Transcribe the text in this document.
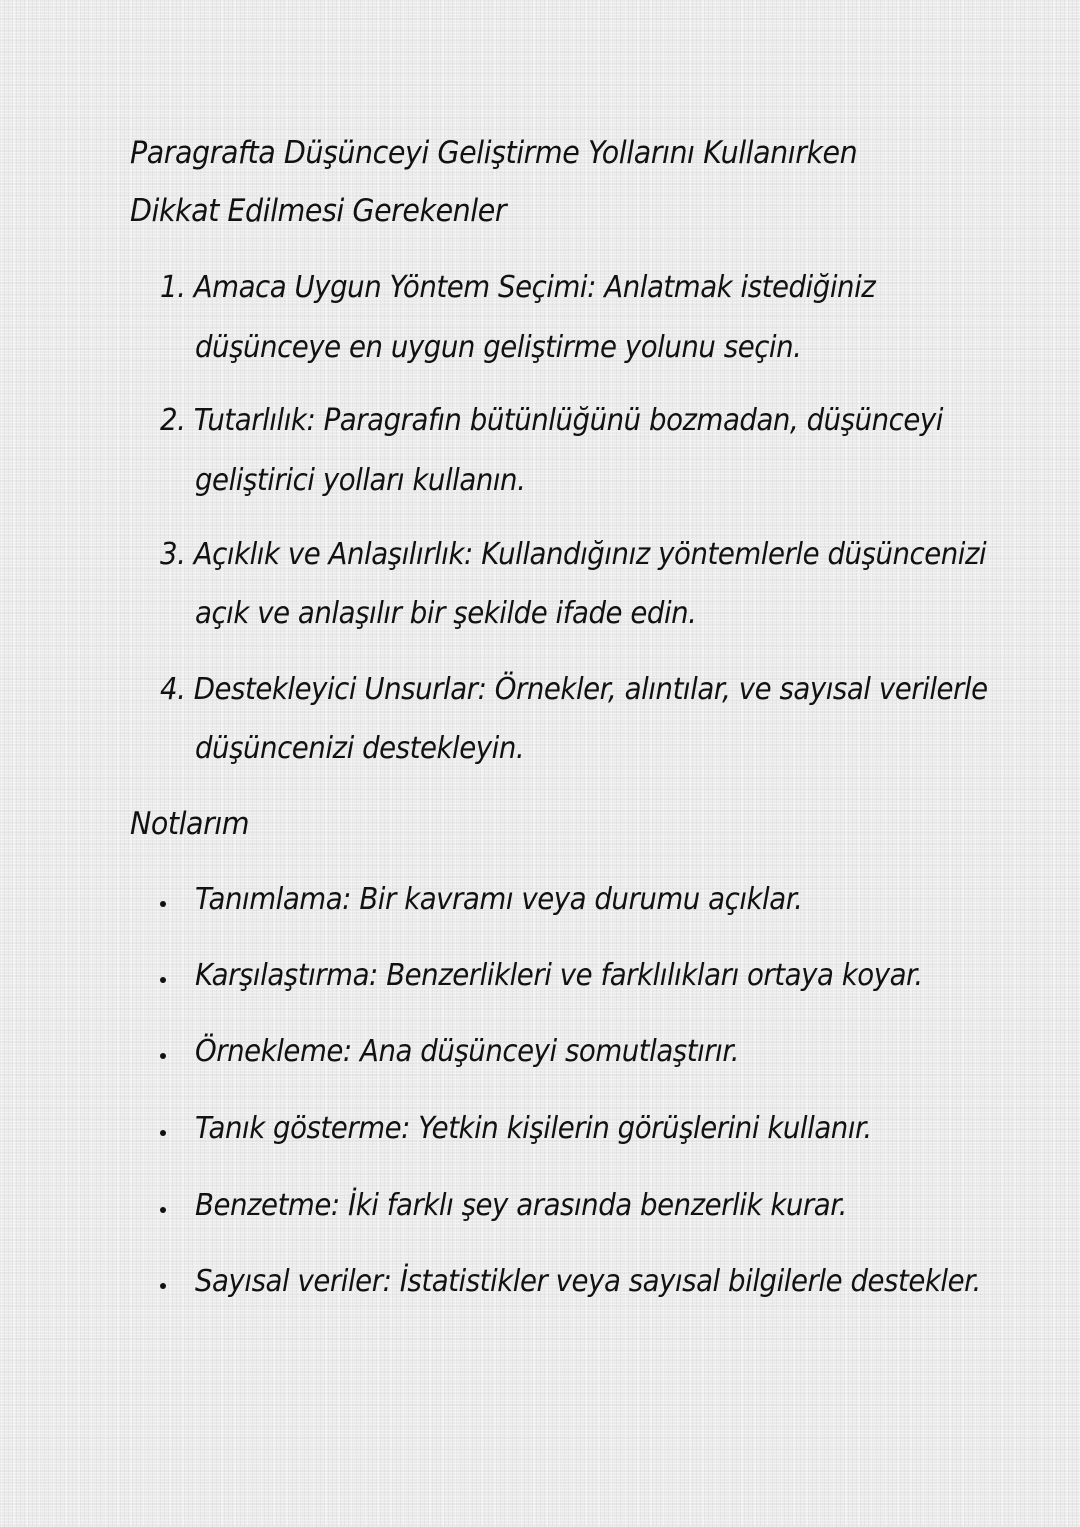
Paragrafta Düşünceyi Geliştirme Yollarını Kullanırken
Dikkat Edilmesi Gerekenler
1. Amaca Uygun Yöntem Seçimi: Anlatmak istediğiniz
düşünceye en uygun geliştirme yolunu seçin.
2. Tutarlılık: Paragrafın bütünlüğünü bozmadan, düşünceyi
geliştirici yolları kullanın.
3. Açıklık ve Anlaşılırlık: Kullandığınız yöntemlerle düşüncenizi
açık ve anlaşılır bir şekilde ifade edin.
4. Destekleyici Unsurlar: Örnekler, alıntılar, ve sayısal verilerle
düşüncenizi destekleyin.
Notlarım
Tanımlama: Bir kavramı veya durumu açıklar.
Karşılaştırma: Benzerlikleri ve farklılıkları ortaya koyar.
Örnekleme: Ana düşünceyi somutlaştırır.
Tanık gösterme: Yetkin kişilerin görüşlerini kullanır.
Benzetme: İki farklı şey arasında benzerlik kurar.
Sayısal veriler: İstatistikler veya sayısal bilgilerle destekler.
